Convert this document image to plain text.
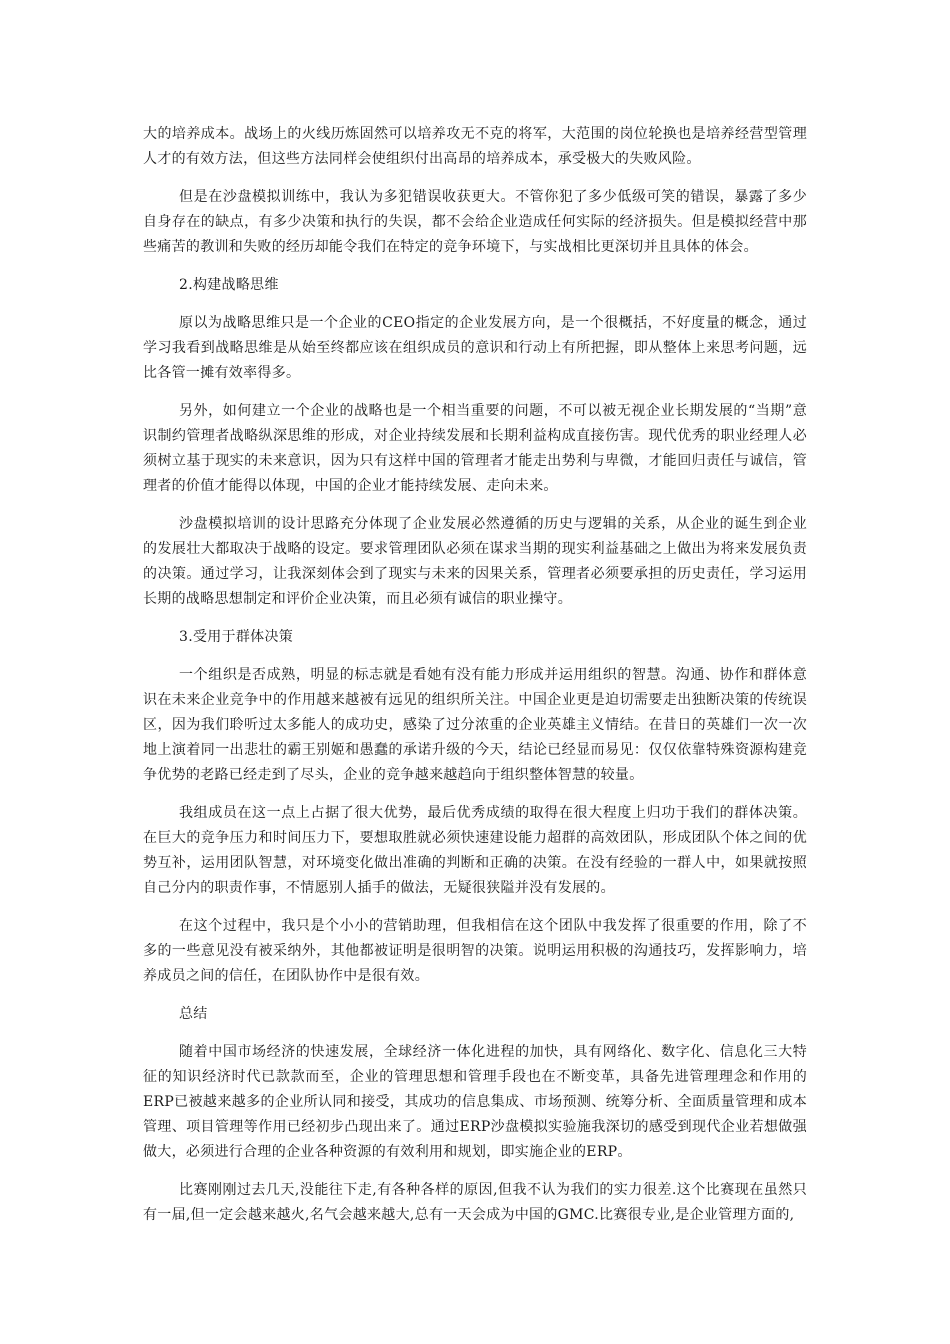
大的培养成本。战场上的火线历炼固然可以培养攻无不克的将军，大范围的岗位轮换也是培养经营型管理人才的有效方法，但这些方法同样会使组织付出高昂的培养成本，承受极大的失败风险。

但是在沙盘模拟训练中，我认为多犯错误收获更大。不管你犯了多少低级可笑的错误，暴露了多少自身存在的缺点，有多少决策和执行的失误，都不会给企业造成任何实际的经济损失。但是模拟经营中那些痛苦的教训和失败的经历却能令我们在特定的竞争环境下，与实战相比更深切并且具体的体会。

2.构建战略思维

原以为战略思维只是一个企业的CEO指定的企业发展方向，是一个很概括，不好度量的概念，通过学习我看到战略思维是从始至终都应该在组织成员的意识和行动上有所把握，即从整体上来思考问题，远比各管一摊有效率得多。

另外，如何建立一个企业的战略也是一个相当重要的问题，不可以被无视企业长期发展的“当期”意识制约管理者战略纵深思维的形成，对企业持续发展和长期利益构成直接伤害。现代优秀的职业经理人必须树立基于现实的未来意识，因为只有这样中国的管理者才能走出势利与卑微，才能回归责任与诚信，管理者的价值才能得以体现，中国的企业才能持续发展、走向未来。

沙盘模拟培训的设计思路充分体现了企业发展必然遵循的历史与逻辑的关系，从企业的诞生到企业的发展壮大都取决于战略的设定。要求管理团队必须在谋求当期的现实利益基础之上做出为将来发展负责的决策。通过学习，让我深刻体会到了现实与未来的因果关系，管理者必须要承担的历史责任，学习运用长期的战略思想制定和评价企业决策，而且必须有诚信的职业操守。

3.受用于群体决策

一个组织是否成熟，明显的标志就是看她有没有能力形成并运用组织的智慧。沟通、协作和群体意识在未来企业竞争中的作用越来越被有远见的组织所关注。中国企业更是迫切需要走出独断决策的传统误区，因为我们聆听过太多能人的成功史，感染了过分浓重的企业英雄主义情结。在昔日的英雄们一次一次地上演着同一出悲壮的霸王别姬和愚蠢的承诺升级的今天，结论已经显而易见：仅仅依靠特殊资源构建竞争优势的老路已经走到了尽头，企业的竞争越来越趋向于组织整体智慧的较量。

我组成员在这一点上占据了很大优势，最后优秀成绩的取得在很大程度上归功于我们的群体决策。在巨大的竞争压力和时间压力下，要想取胜就必须快速建设能力超群的高效团队，形成团队个体之间的优势互补，运用团队智慧，对环境变化做出准确的判断和正确的决策。在没有经验的一群人中，如果就按照自己分内的职责作事，不情愿别人插手的做法，无疑很狭隘并没有发展的。

在这个过程中，我只是个小小的营销助理，但我相信在这个团队中我发挥了很重要的作用，除了不多的一些意见没有被采纳外，其他都被证明是很明智的决策。说明运用积极的沟通技巧，发挥影响力，培养成员之间的信任，在团队协作中是很有效。

总结

随着中国市场经济的快速发展，全球经济一体化进程的加快，具有网络化、数字化、信息化三大特征的知识经济时代已款款而至，企业的管理思想和管理手段也在不断变革，具备先进管理理念和作用的ERP已被越来越多的企业所认同和接受，其成功的信息集成、市场预测、统筹分析、全面质量管理和成本管理、项目管理等作用已经初步凸现出来了。通过ERP沙盘模拟实验施我深切的感受到现代企业若想做强做大，必须进行合理的企业各种资源的有效利用和规划，即实施企业的ERP。

比赛刚刚过去几天,没能往下走,有各种各样的原因,但我不认为我们的实力很差.这个比赛现在虽然只有一届,但一定会越来越火,名气会越来越大,总有一天会成为中国的GMC.比赛很专业,是企业管理方面的,
